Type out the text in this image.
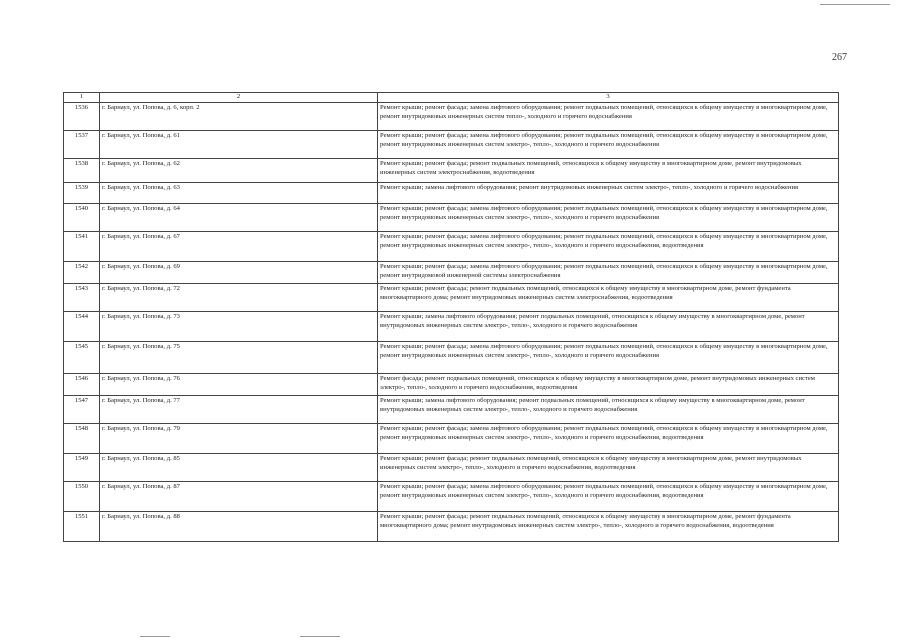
267
1	2	3
1536	г. Барнаул, ул. Попова, д. 6, корп. 2	Ремонт крыши; ремонт фасада; замена лифтового оборудования; ремонт подвальных помещений, относящихся к общему имуществу в многоквартирном доме, ремонт внутридомовых инженерных систем тепло-, холодного и горячего водоснабжения
1537	г. Барнаул, ул. Попова, д. 61	Ремонт крыши; ремонт фасада; замена лифтового оборудования; ремонт подвальных помещений, относящихся к общему имуществу в многоквартирном доме, ремонт внутридомовых инженерных систем электро-, тепло-, холодного и горячего водоснабжения
1538	г. Барнаул, ул. Попова, д. 62	Ремонт крыши; ремонт фасада; ремонт подвальных помещений, относящихся к общему имуществу в многоквартирном доме, ремонт внутридомовых инженерных систем электроснабжения, водоотведения
1539	г. Барнаул, ул. Попова, д. 63	Ремонт крыши; замена лифтового оборудования; ремонт внутридомовых инженерных систем электро-, тепло-, холодного и горячего водоснабжения
1540	г. Барнаул, ул. Попова, д. 64	Ремонт крыши; ремонт фасада; замена лифтового оборудования; ремонт подвальных помещений, относящихся к общему имуществу в многоквартирном доме, ремонт внутридомовых инженерных систем электро-, тепло-, холодного и горячего водоснабжения
1541	г. Барнаул, ул. Попова, д. 67	Ремонт крыши; ремонт фасада; замена лифтового оборудования; ремонт подвальных помещений, относящихся к общему имуществу в многоквартирном доме, ремонт внутридомовых инженерных систем электро-, тепло-, холодного и горячего водоснабжения, водоотведения
1542	г. Барнаул, ул. Попова, д. 69	Ремонт крыши; ремонт фасада; замена лифтового оборудования; ремонт подвальных помещений, относящихся к общему имуществу в многоквартирном доме, ремонт внутридомовой инженерной системы электроснабжения
1543	г. Барнаул, ул. Попова, д. 72	Ремонт крыши; ремонт фасада; ремонт подвальных помещений, относящихся к общему имуществу в многоквартирном доме, ремонт фундамента многоквартирного дома; ремонт внутридомовых инженерных систем электроснабжения, водоотведения
1544	г. Барнаул, ул. Попова, д. 73	Ремонт крыши; замена лифтового оборудования; ремонт подвальных помещений, относящихся к общему имуществу в многоквартирном доме, ремонт внутридомовых инженерных систем электро-, тепло-, холодного и горячего водоснабжения
1545	г. Барнаул, ул. Попова, д. 75	Ремонт крыши; ремонт фасада; замена лифтового оборудования; ремонт подвальных помещений, относящихся к общему имуществу в многоквартирном доме, ремонт внутридомовых инженерных систем электро-, тепло-, холодного и горячего водоснабжения
1546	г. Барнаул, ул. Попова, д. 76	Ремонт фасада; ремонт подвальных помещений, относящихся к общему имуществу в многоквартирном доме, ремонт внутридомовых инженерных систем электро-, тепло-, холодного и горячего водоснабжения, водоотведения
1547	г. Барнаул, ул. Попова, д. 77	Ремонт крыши; замена лифтового оборудования; ремонт подвальных помещений, относящихся к общему имуществу в многоквартирном доме, ремонт внутридомовых инженерных систем электро-, тепло-, холодного и горячего водоснабжения
1548	г. Барнаул, ул. Попова, д. 79	Ремонт крыши; ремонт фасада; замена лифтового оборудования; ремонт подвальных помещений, относящихся к общему имуществу в многоквартирном доме, ремонт внутридомовых инженерных систем электро-, тепло-, холодного и горячего водоснабжения, водоотведения
1549	г. Барнаул, ул. Попова, д. 85	Ремонт крыши; ремонт фасада; ремонт подвальных помещений, относящихся к общему имуществу в многоквартирном доме, ремонт внутридомовых инженерных систем электро-, тепло-, холодного и горячего водоснабжения, водоотведения
1550	г. Барнаул, ул. Попова, д. 87	Ремонт крыши; ремонт фасада; замена лифтового оборудования; ремонт подвальных помещений, относящихся к общему имуществу в многоквартирном доме, ремонт внутридомовых инженерных систем электро-, тепло-, холодного и горячего водоснабжения, водоотведения
1551	г. Барнаул, ул. Попова, д. 88	Ремонт крыши; ремонт фасада; ремонт подвальных помещений, относящихся к общему имуществу в многоквартирном доме, ремонт фундамента многоквартирного дома; ремонт внутридомовых инженерных систем электро-, тепло-, холодного и горячего водоснабжения, водоотведения
